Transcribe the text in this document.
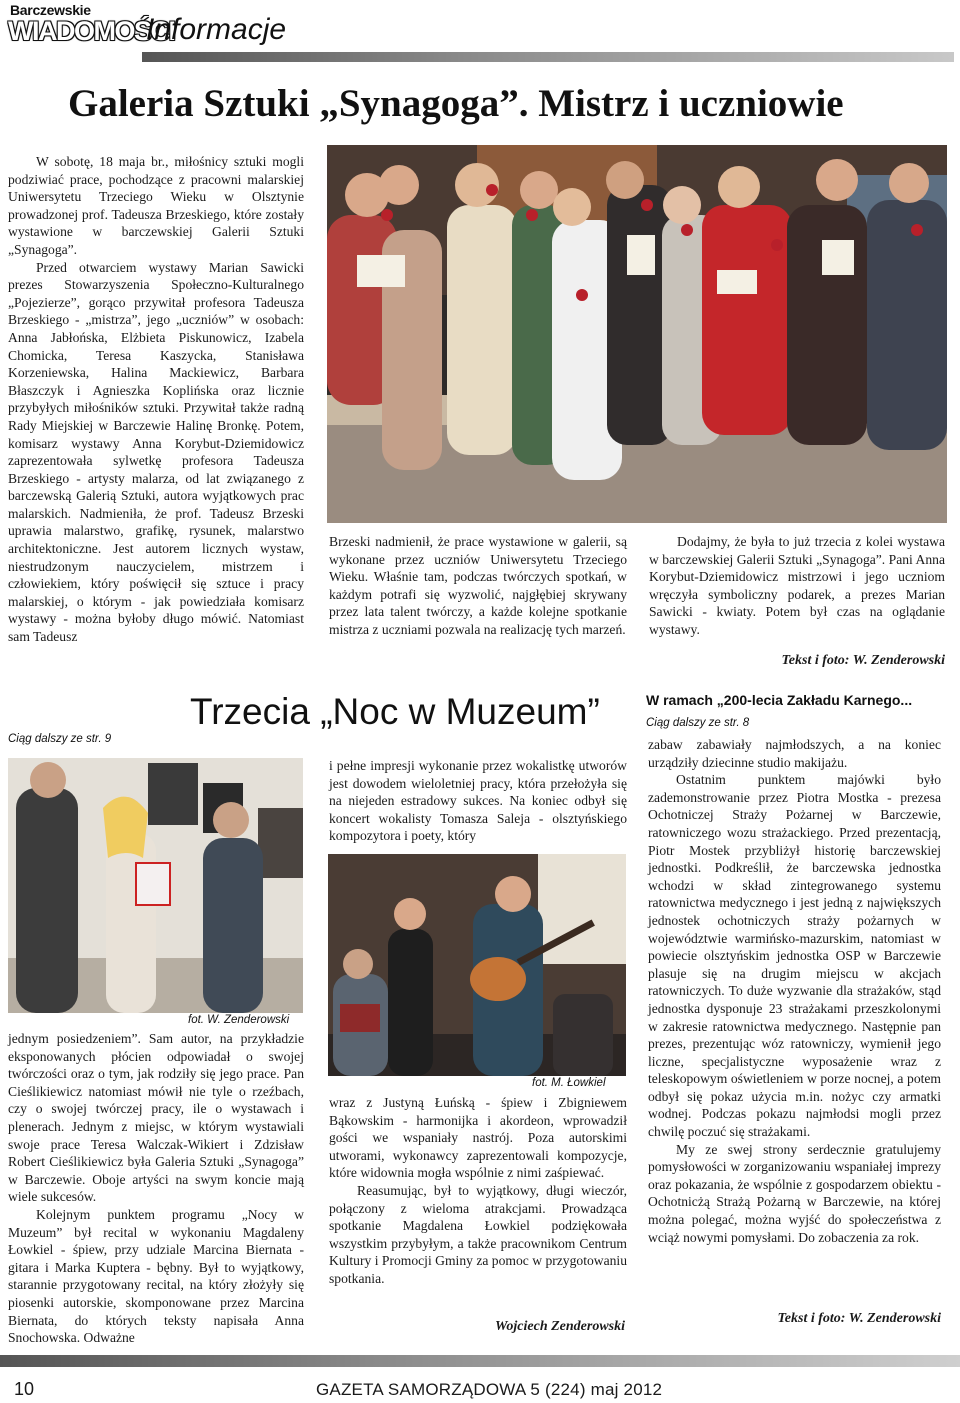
Barczewskie
WIADOMOŚCI
Informacje
Galeria Sztuki „Synagoga”. Mistrz i uczniowie

W sobotę, 18 maja br., miłośnicy sztuki mogli podziwiać prace, pochodzące z pracowni malarskiej Uniwersytetu Trzeciego Wieku w Olsztynie prowadzonej prof. Tadeusza Brzeskiego, które zostały wystawione w barczewskiej Galerii Sztuki „Synagoga”.

Przed otwarciem wystawy Marian Sawicki prezes Stowarzyszenia Społeczno-Kulturalnego „Pojezierze”, gorąco przywitał profesora Tadeusza Brzeskiego - „mistrza”, jego „uczniów” w osobach: Anna Jabłońska, Elżbieta Piskunowicz, Izabela Chomicka, Teresa Kaszycka, Stanisława Korzeniewska, Halina Mackiewicz, Barbara Błaszczyk i Agnieszka Koplińska oraz licznie przybyłych miłośników sztuki. Przywitał także radną Rady Miejskiej w Barczewie Halinę Bronkę. Potem, komisarz wystawy Anna Korybut-Dziemidowicz zaprezentowała sylwetkę profesora Tadeusza Brzeskiego - artysty malarza, od lat związanego z barczewską Galerią Sztuki, autora wyjątkowych prac malarskich. Nadmieniła, że prof. Tadeusz Brzeski uprawia malarstwo, grafikę, rysunek, malarstwo architektoniczne. Jest autorem licznych wystaw, niestrudzonym nauczycielem, mistrzem i człowiekiem, który poświęcił się sztuce i pracy malarskiej, o którym - jak powiedziała komisarz wystawy - można byłoby długo mówić. Natomiast sam Tadeusz

Brzeski nadmienił, że prace wystawione w galerii, są wykonane przez uczniów Uniwersytetu Trzeciego Wieku. Właśnie tam, podczas twórczych spotkań, w każdym potrafi się wyzwolić, najgłębiej skrywany przez lata talent twórczy, a każde kolejne spotkanie mistrza z uczniami pozwala na realizację tych marzeń.

Dodajmy, że była to już trzecia z kolei wystawa w barczewskiej Galerii Sztuki „Synagoga”. Pani Anna Korybut-Dziemidowicz mistrzowi i jego uczniom wręczyła symboliczny podarek, a prezes Marian Sawicki - kwiaty. Potem był czas na oglądanie wystawy.

Tekst i foto: W. Zenderowski
Ciąg dalszy ze str. 9
fot. W. Zenderowski

jednym posiedzeniem”. Sam autor, na przykładzie eksponowanych płócien odpowiadał o swojej twórczości oraz o tym, jak rodziły się jego prace. Pan Cieślikiewicz natomiast mówił nie tyle o rzeźbach, czy o swojej twórczej pracy, ile o wystawach i plenerach. Jednym z miejsc, w którym wystawiali swoje prace Teresa Walczak-Wikiert i Zdzisław Robert Cieślikiewicz była Galeria Sztuki „Synagoga” w Barczewie. Oboje artyści na swym koncie mają wiele sukcesów.

Kolejnym punktem programu „Nocy w Muzeum” był recital w wykonaniu Magdaleny Łowkiel - śpiew, przy udziale Marcina Biernata - gitara i Marka Kuptera - bębny. Był to wyjątkowy, starannie przygotowany recital, na który złożyły się piosenki autorskie, skomponowane przez Marcina Biernata, do których teksty napisała Anna Snochowska. Odważne

Trzecia „Noc w Muzeum”

i pełne impresji wykonanie przez wokalistkę utworów jest dowodem wieloletniej pracy, która przełożyła się na niejeden estradowy sukces. Na koniec odbył się koncert wokalisty Tomasza Saleja - olsztyńskiego kompozytora i poety, który

fot. M. Łowkiel

wraz z Justyną Łuńską - śpiew i Zbigniewem Bąkowskim - harmonijka i akordeon, wprowadził gości we wspaniały nastrój. Poza autorskimi utworami, wykonawcy zaprezentowali kompozycje, które widownia mogła wspólnie z nimi zaśpiewać.

Reasumując, był to wyjątkowy, długi wieczór, połączony z wieloma atrakcjami. Prowadząca spotkanie Magdalena Łowkiel podziękowała wszystkim przybyłym, a także pracownikom Centrum Kultury i Promocji Gminy za pomoc w przygotowaniu spotkania.

Wojciech Zenderowski
W ramach „200-lecia Zakładu Karnego...
Ciąg dalszy ze str. 8

zabaw zabawiały najmłodszych, a na koniec urządziły dziecinne studio makijażu.

Ostatnim punktem majówki było zademonstrowanie przez Piotra Mostka - prezesa Ochotniczej Straży Pożarnej w Barczewie, ratowniczego wozu strażackiego. Przed prezentacją, Piotr Mostek przybliżył historię barczewskiej jednostki. Podkreślił, że barczewska jednostka wchodzi w skład zintegrowanego systemu ratownictwa medycznego i jest jedną z największych jednostek ochotniczych straży pożarnych w województwie warmińsko-mazurskim, natomiast w powiecie olsztyńskim jednostka OSP w Barczewie plasuje się na drugim miejscu w akcjach ratowniczych. To duże wyzwanie dla strażaków, stąd jednostka dysponuje 23 strażakami przeszkolonymi w zakresie ratownictwa medycznego. Następnie pan prezes, prezentując wóz ratowniczy, wymienił jego liczne, specjalistyczne wyposażenie wraz z teleskopowym oświetleniem w porze nocnej, a potem odbył się pokaz użycia m.in. nożyc czy armatki wodnej. Podczas pokazu najmłodsi mogli przez chwilę poczuć się strażakami.

My ze swej strony serdecznie gratulujemy pomysłowości w zorganizowaniu wspaniałej imprezy oraz pokazania, że wspólnie z gospodarzem obiektu - Ochotnicżą Strażą Pożarną w Barczewie, na której można polegać, można wyjść do społeczeństwa z wciąż nowymi pomysłami. Do zobaczenia za rok.

Tekst i foto: W. Zenderowski
10	GAZETA SAMORZĄDOWA 5 (224) maj 2012
